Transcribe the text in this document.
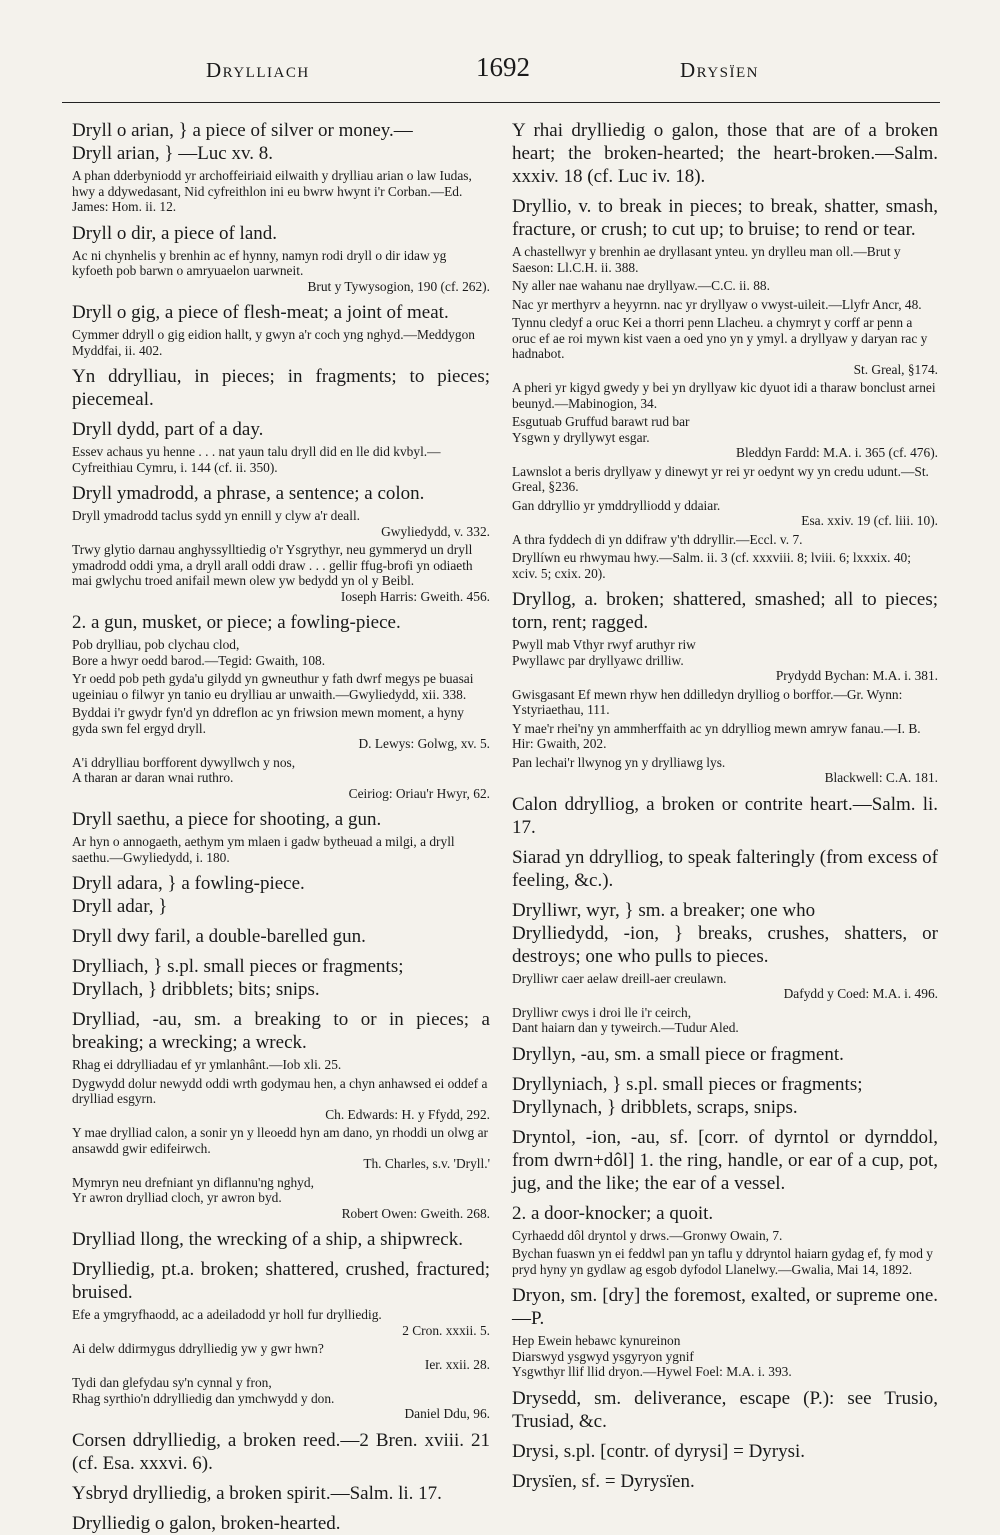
Drylliach	1692	Drysïen
Dryll o arian, } a piece of silver or money.—
Dryll arian, } —Luc xv. 8.
A phan dderbyniodd yr archoffeiriaid eilwaith y drylliau arian o law Iudas, hwy a ddywedasant, Nid cyfreithlon ini eu bwrw hwynt i'r Corban.—Ed. James: Hom. ii. 12.
Dryll o dir, a piece of land.
Ac ni chynhelis y brenhin ac ef hynny, namyn rodi dryll o dir idaw yg kyfoeth pob barwn o amryuaelon uarwneit.
Brut y Tywysogion, 190 (cf. 262).
Dryll o gig, a piece of flesh-meat; a joint of meat.
Cymmer ddryll o gig eidion hallt, y gwyn a'r coch yng nghyd.—Meddygon Myddfai, ii. 402.
Yn ddrylliau, in pieces; in fragments; to pieces; piecemeal.
Dryll dydd, part of a day.
Essev achaus yu henne . . . nat yaun talu dryll did en lle did kvbyl.—Cyfreithiau Cymru, i. 144 (cf. ii. 350).
Dryll ymadrodd, a phrase, a sentence; a colon.
Dryll ymadrodd taclus sydd yn ennill y clyw a'r deall.
Gwyliedydd, v. 332.
Trwy glytio darnau anghyssylltiedig o'r Ysgrythyr, neu gymmeryd un dryll ymadrodd oddi yma, a dryll arall oddi draw . . . gellir ffug-brofi yn odiaeth mai gwlychu troed anifail mewn olew yw bedydd yn ol y Beibl.
Ioseph Harris: Gweith. 456.
2. a gun, musket, or piece; a fowling-piece.
Pob drylliau, pob clychau clod,
Bore a hwyr oedd barod.—Tegid: Gwaith, 108.
Yr oedd pob peth gyda'u gilydd yn gwneuthur y fath dwrf megys pe buasai ugeiniau o filwyr yn tanio eu drylliau ar unwaith.—Gwyliedydd, xii. 338.
Byddai i'r gwydr fyn'd yn ddreflon ac yn friwsion mewn moment, a hyny gyda swn fel ergyd dryll.
D. Lewys: Golwg, xv. 5.
A'i ddrylliau borfforent dywyllwch y nos,
A tharan ar daran wnai ruthro.
Ceiriog: Oriau'r Hwyr, 62.
Dryll saethu, a piece for shooting, a gun.
Ar hyn o annogaeth, aethym ym mlaen i gadw bytheuad a milgi, a dryll saethu.—Gwyliedydd, i. 180.
Dryll adara, } a fowling-piece.
Dryll adar, }
Dryll dwy faril, a double-barelled gun.
Drylliach, } s.pl. small pieces or fragments;
Dryllach, } dribblets; bits; snips.
Drylliad, -au, sm. a breaking to or in pieces; a breaking; a wrecking; a wreck.
Rhag ei ddrylliadau ef yr ymlanhânt.—Iob xli. 25.
Dygwydd dolur newydd oddi wrth godymau hen, a chyn anhawsed ei oddef a drylliad esgyrn.
Ch. Edwards: H. y Ffydd, 292.
Y mae drylliad calon, a sonir yn y lleoedd hyn am dano, yn rhoddi un olwg ar ansawdd gwir edifeirwch.
Th. Charles, s.v. 'Dryll.'
Mymryn neu drefniant yn diflannu'ng nghyd,
Yr awron drylliad cloch, yr awron byd.
Robert Owen: Gweith. 268.
Drylliad llong, the wrecking of a ship, a shipwreck.
Drylliedig, pt.a. broken; shattered, crushed, fractured; bruised.
Efe a ymgryfhaodd, ac a adeiladodd yr holl fur drylliedig.
2 Cron. xxxii. 5.
Ai delw ddirmygus ddrylliedig yw y gwr hwn?
Ier. xxii. 28.
Tydi dan glefydau sy'n cynnal y fron,
Rhag syrthio'n ddrylliedig dan ymchwydd y don.
Daniel Ddu, 96.
Corsen ddrylliedig, a broken reed.—2 Bren. xviii. 21 (cf. Esa. xxxvi. 6).
Ysbryd drylliedig, a broken spirit.—Salm. li. 17.
Drylliedig o galon, broken-hearted.
Y rhai drylliedig o galon, those that are of a broken heart; the broken-hearted; the heart-broken.—Salm. xxxiv. 18 (cf. Luc iv. 18).
Dryllio, v. to break in pieces; to break, shatter, smash, fracture, or crush; to cut up; to bruise; to rend or tear.
A chastellwyr y brenhin ae dryllasant ynteu. yn drylleu man oll.—Brut y Saeson: Ll.C.H. ii. 388.
Ny aller nae wahanu nae dryllyaw.—C.C. ii. 88.
Nac yr merthyrv a heyyrnn. nac yr dryllyaw o vwyst-uileit.—Llyfr Ancr, 48.
Tynnu cledyf a oruc Kei a thorri penn Llacheu. a chymryt y corff ar penn a oruc ef ae roi mywn kist vaen a oed yno yn y ymyl. a dryllyaw y daryan rac y hadnabot.
St. Greal, §174.
A pheri yr kigyd gwedy y bei yn dryllyaw kic dyuot idi a tharaw bonclust arnei beunyd.—Mabinogion, 34.
Esgutuab Gruffud barawt rud bar
Ysgwn y dryllywyt esgar.
Bleddyn Fardd: M.A. i. 365 (cf. 476).
Lawnslot a beris dryllyaw y dinewyt yr rei yr oedynt wy yn credu udunt.—St. Greal, §236.
Gan ddryllio yr ymddrylliodd y ddaiar.
Esa. xxiv. 19 (cf. liii. 10).
A thra fyddech di yn ddifraw y'th ddryllir.—Eccl. v. 7.
Dryllíwn eu rhwymau hwy.—Salm. ii. 3 (cf. xxxviii. 8; lviii. 6; lxxxix. 40; xciv. 5; cxix. 20).
Dryllog, a. broken; shattered, smashed; all to pieces; torn, rent; ragged.
Pwyll mab Vthyr rwyf aruthyr riw
Pwyllawc par dryllyawc drilliw.
Prydydd Bychan: M.A. i. 381.
Gwisgasant Ef mewn rhyw hen ddilledyn drylliog o borffor.—Gr. Wynn: Ystyriaethau, 111.
Y mae'r rhei'ny yn ammherffaith ac yn ddrylliog mewn amryw fanau.—I. B. Hir: Gwaith, 202.
Pan lechai'r llwynog yn y drylliawg lys.
Blackwell: C.A. 181.
Calon ddrylliog, a broken or contrite heart.—Salm. li. 17.
Siarad yn ddrylliog, to speak falteringly (from excess of feeling, &c.).
Drylliwr, wyr, } sm. a breaker; one who
Drylliedydd, -ion, } breaks, crushes, shatters, or destroys; one who pulls to pieces.
Drylliwr caer aelaw dreill-aer creulawn.
Dafydd y Coed: M.A. i. 496.
Drylliwr cwys i droi lle i'r ceirch,
Dant haiarn dan y tyweirch.—Tudur Aled.
Dryllyn, -au, sm. a small piece or fragment.
Dryllyniach, } s.pl. small pieces or fragments;
Dryllynach, } dribblets, scraps, snips.
Dryntol, -ion, -au, sf. [corr. of dyrntol or dyrnddol, from dwrn+dôl] 1. the ring, handle, or ear of a cup, pot, jug, and the like; the ear of a vessel.
2. a door-knocker; a quoit.
Cyrhaedd dôl dryntol y drws.—Gronwy Owain, 7.
Bychan fuaswn yn ei feddwl pan yn taflu y ddryntol haiarn gydag ef, fy mod y pryd hyny yn gydlaw ag esgob dyfodol Llanelwy.—Gwalia, Mai 14, 1892.
Dryon, sm. [dry] the foremost, exalted, or supreme one.—P.
Hep Ewein hebawc kynureinon
Diarswyd ysgwyd ysgyryon ygnif
Ysgwthyr llif llid dryon.—Hywel Foel: M.A. i. 393.
Drysedd, sm. deliverance, escape (P.): see Trusio, Trusiad, &c.
Drysi, s.pl. [contr. of dyrysi] = Dyrysi.
Drysïen, sf. = Dyrysïen.
